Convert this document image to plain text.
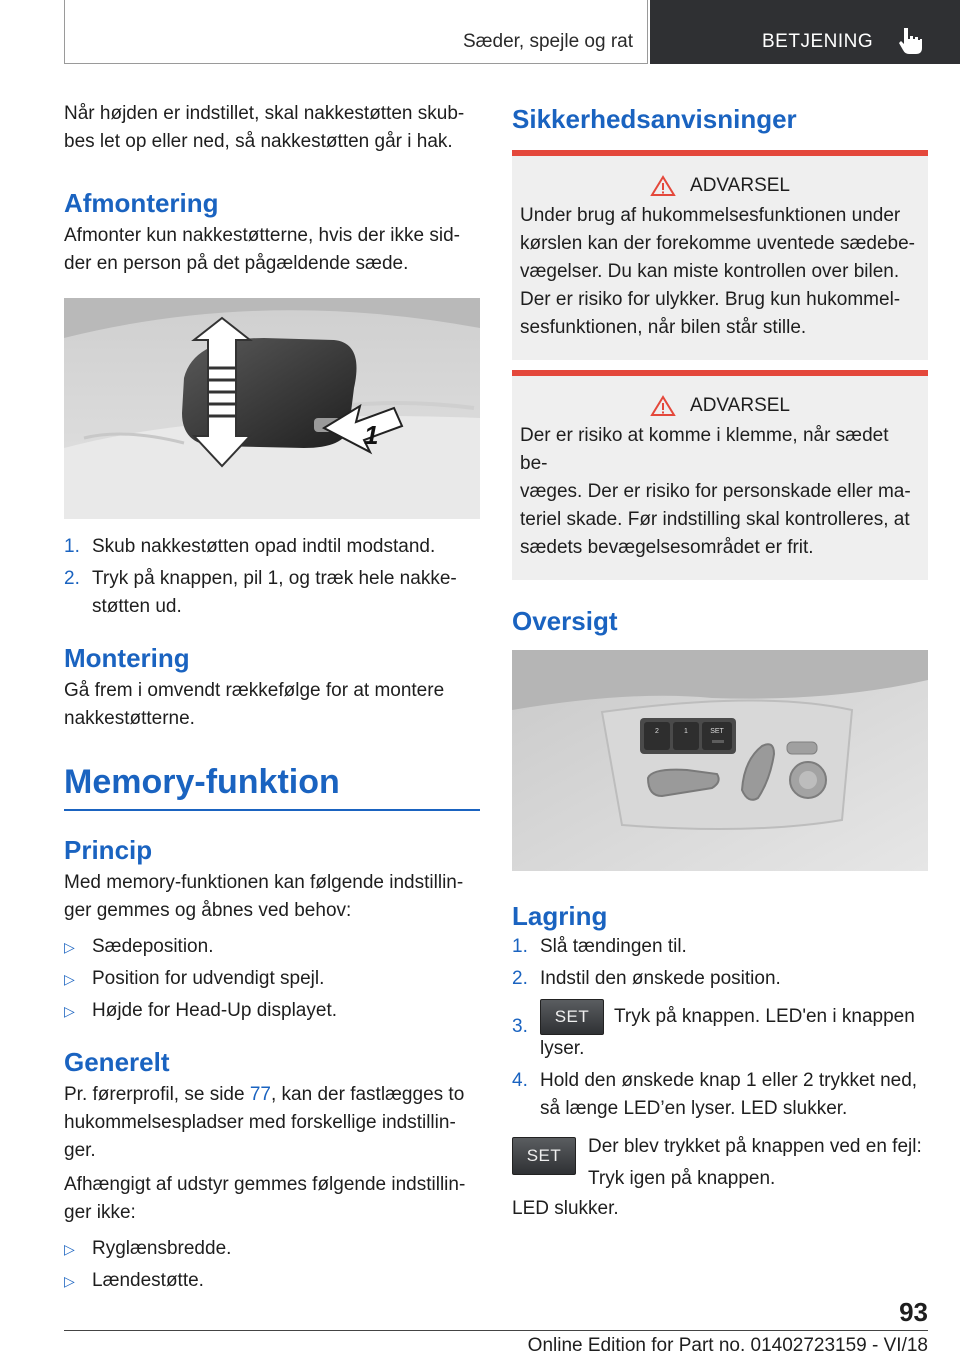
Sæder, spejle og rat	BETJENING

Når højden er indstillet, skal nakkestøtten skub-
bes let op eller ned, så nakkestøtten går i hak.

Afmontering

Afmonter kun nakkestøtterne, hvis der ikke sid-
der en person på det pågældende sæde.

1
1. Skub nakkestøtten opad indtil modstand.
2. Tryk på knappen, pil 1, og træk hele nakke-
støtten ud.
Montering

Gå frem i omvendt rækkefølge for at montere
nakkestøtterne.

Memory-funktion
Princip

Med memory-funktionen kan følgende indstillin-
ger gemmes og åbnes ved behov:

▷ Sædeposition.
▷ Position for udvendigt spejl.
▷ Højde for Head-Up displayet.
Generelt

Pr. førerprofil, se side 77, kan der fastlægges to
hukommelsespladser med forskellige indstillin-
ger.

Afhængigt af udstyr gemmes følgende indstillin-
ger ikke:

▷ Ryglænsbredde.
▷ Lændestøtte.
Sikkerhedsanvisninger
ADVARSEL

Under brug af hukommelsesfunktionen under
kørslen kan der forekomme uventede sædebe-
vægelser. Du kan miste kontrollen over bilen.
Der er risiko for ulykker. Brug kun hukommel-
sesfunktionen, når bilen står stille.

ADVARSEL

Der er risiko at komme i klemme, når sædet be-
væges. Der er risiko for personskade eller ma-
teriel skade. Før indstilling skal kontrolleres, at
sædets bevægelsesområdet er frit.

Oversigt
2	1	SET
Lagring
1. Slå tændingen til.
2. Indstil den ønskede position.
3.	SET Tryk på knappen. LED'en i knappen
lyser.
4. Hold den ønskede knap 1 eller 2 trykket ned,
så længe LED’en lyser. LED slukker.
SET	Der blev trykket på knappen ved en fejl:
Tryk igen på knappen.

LED slukker.

93
Online Edition for Part no. 01402723159 - VI/18
